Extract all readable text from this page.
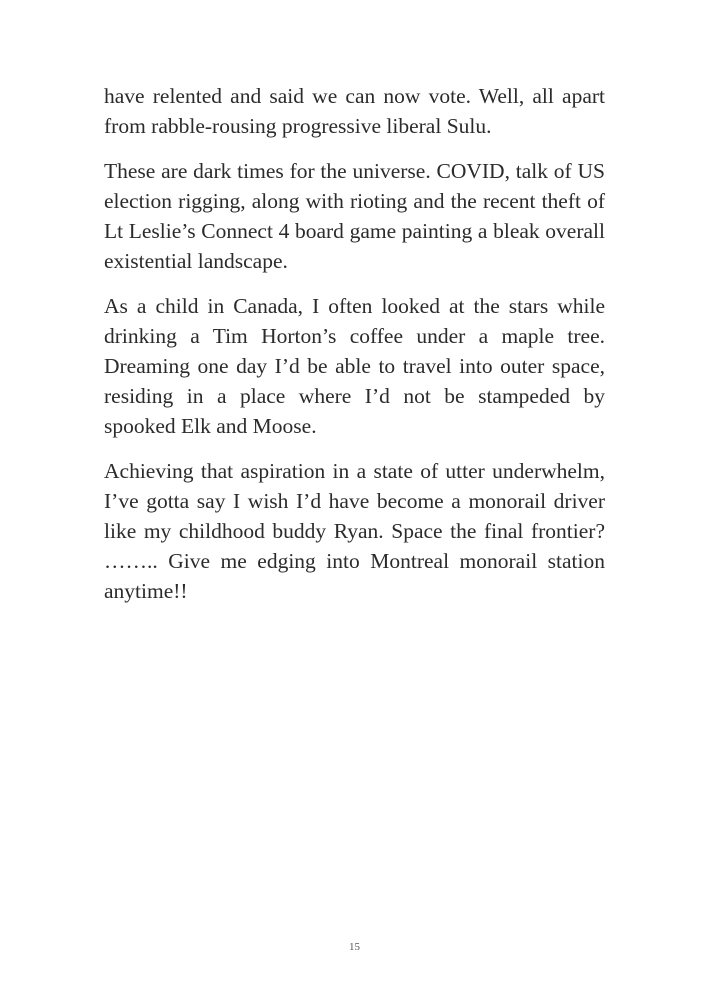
have relented and said we can now vote. Well, all apart from rabble-rousing progressive liberal Sulu.

These are dark times for the universe. COVID, talk of US election rigging, along with rioting and the recent theft of Lt Leslie’s Connect 4 board game painting a bleak overall existential landscape.

As a child in Canada, I often looked at the stars while drinking a Tim Horton’s coffee under a maple tree. Dreaming one day I’d be able to travel into outer space, residing in a place where I’d not be stampeded by spooked Elk and Moose.

Achieving that aspiration in a state of utter underwhelm, I’ve gotta say I wish I’d have become a monorail driver like my childhood buddy Ryan. Space the final frontier? …….. Give me edging into Montreal monorail station anytime!!

15
